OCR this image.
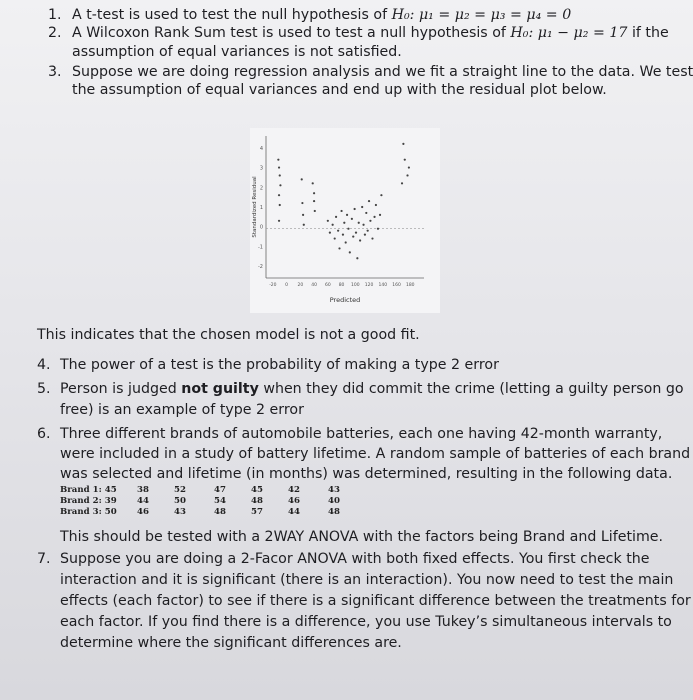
1. A t-test is used to test the null hypothesis of H₀: μ₁ = μ₂ = μ₃ = μ₄ = 0
2. A Wilcoxon Rank Sum test is used to test a null hypothesis of H₀: μ₁ − μ₂ = 17 if the
assumption of equal variances is not satisfied.
3. Suppose we are doing regression analysis and we fit a straight line to the data. We test
the assumption of equal variances and end up with the residual plot below.
4
3
2
1
0
-1
-2
-20 0 20 40 60 80 100 120 140 160 180
Predicted
Standardized Residual
This indicates that the chosen model is not a good fit.
4. The power of a test is the probability of making a type 2 error
5. Person is judged not guilty when they did commit the crime (letting a guilty person go
free) is an example of type 2 error
6. Three different brands of automobile batteries, each one having 42-month warranty,
were included in a study of battery lifetime. A random sample of batteries of each brand
was selected and lifetime (in months) was determined, resulting in the following data.
Brand 1: 45 38	52	47	45	42	43
Brand 2: 39 44	50	54	48	46	40
Brand 3: 50 46	43	48	57	44	48
This should be tested with a 2WAY ANOVA with the factors being Brand and Lifetime.
7. Suppose you are doing a 2-Facor ANOVA with both fixed effects. You first check the
interaction and it is significant (there is an interaction). You now need to test the main
effects (each factor) to see if there is a significant difference between the treatments for
each factor. If you find there is a difference, you use Tukey’s simultaneous intervals to
determine where the significant differences are.
